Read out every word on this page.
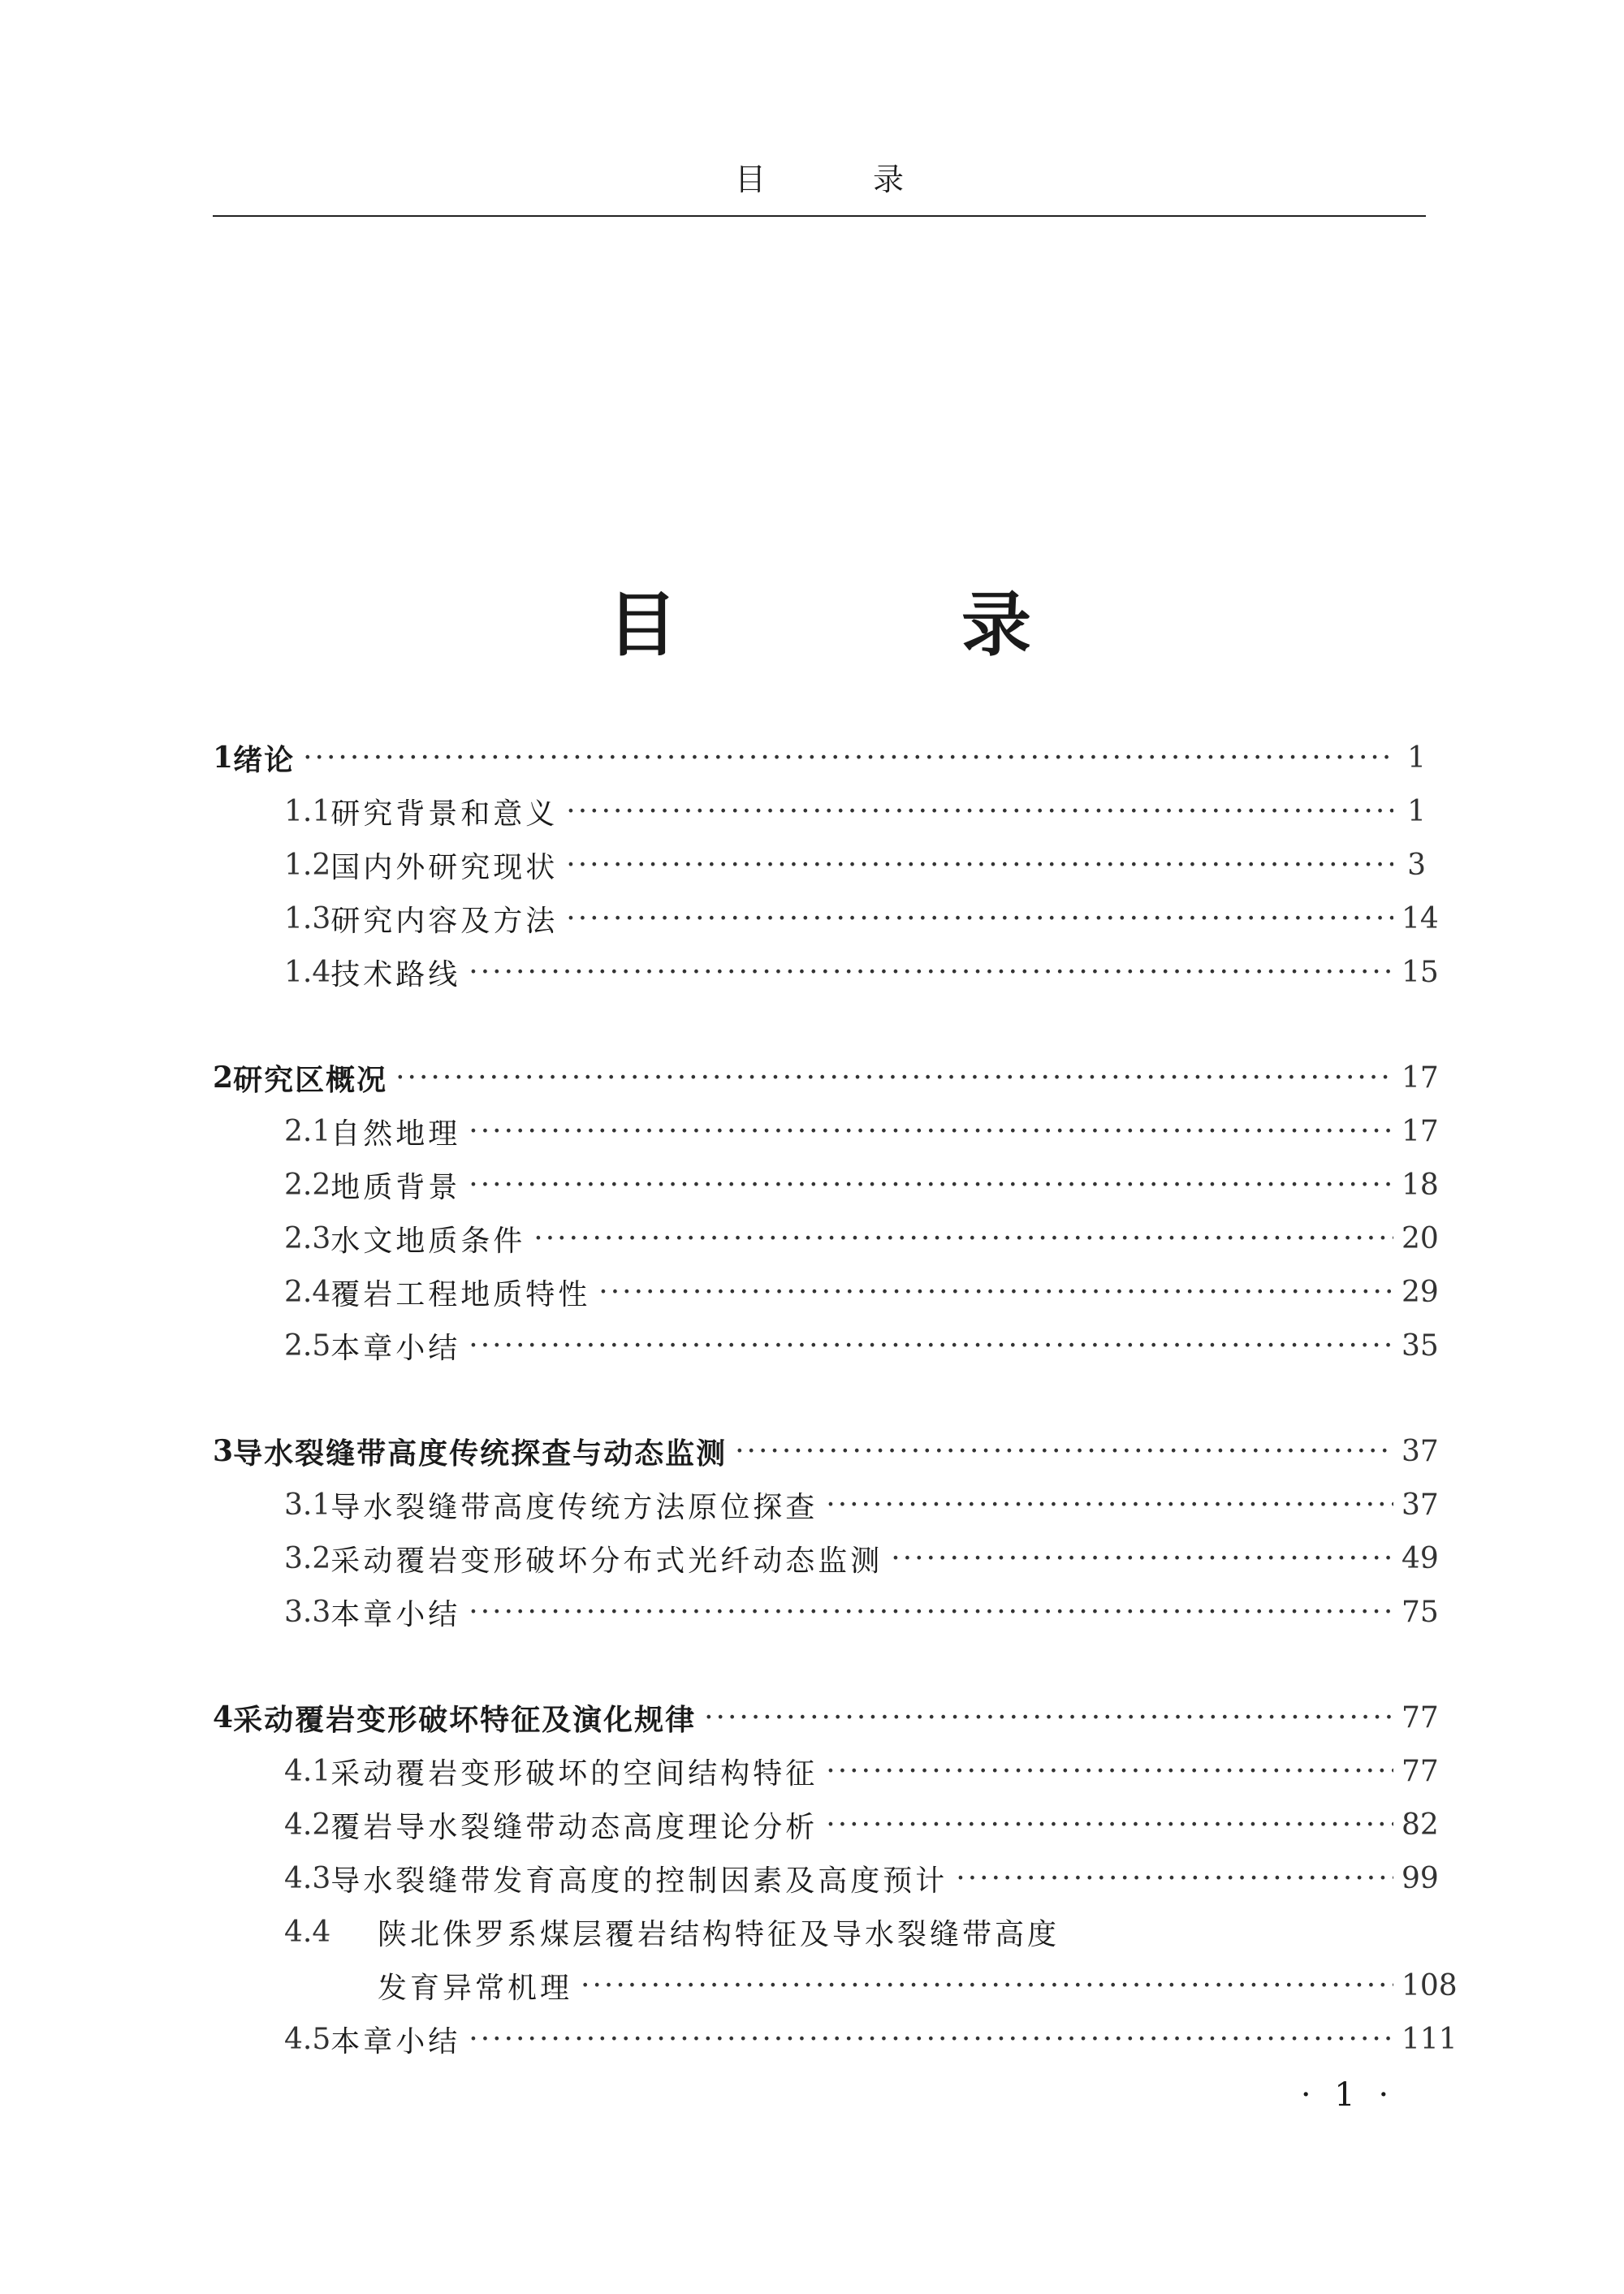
目 录
目 录
1 绪论 ·····	1
1.1 研究背景和意义 ·····	1
1.2 国内外研究现状 ·····	3
1.3 研究内容及方法 ·····	14
1.4 技术路线 ·····	15
2 研究区概况 ·····	17
2.1 自然地理 ·····	17
2.2 地质背景 ·····	18
2.3 水文地质条件 ·····	20
2.4 覆岩工程地质特性 ·····	29
2.5 本章小结 ·····	35
3 导水裂缝带高度传统探查与动态监测 ·····	37
3.1 导水裂缝带高度传统方法原位探查 ·····	37
3.2 采动覆岩变形破坏分布式光纤动态监测 ·····	49
3.3 本章小结 ·····	75
4 采动覆岩变形破坏特征及演化规律 ·····	77
4.1 采动覆岩变形破坏的空间结构特征 ·····	77
4.2 覆岩导水裂缝带动态高度理论分析 ·····	82
4.3 导水裂缝带发育高度的控制因素及高度预计 ·····	99
4.4	陕北侏罗系煤层覆岩结构特征及导水裂缝带高度
发育异常机理 ·····	108
4.5 本章小结 ·····	111
· 1 ·
